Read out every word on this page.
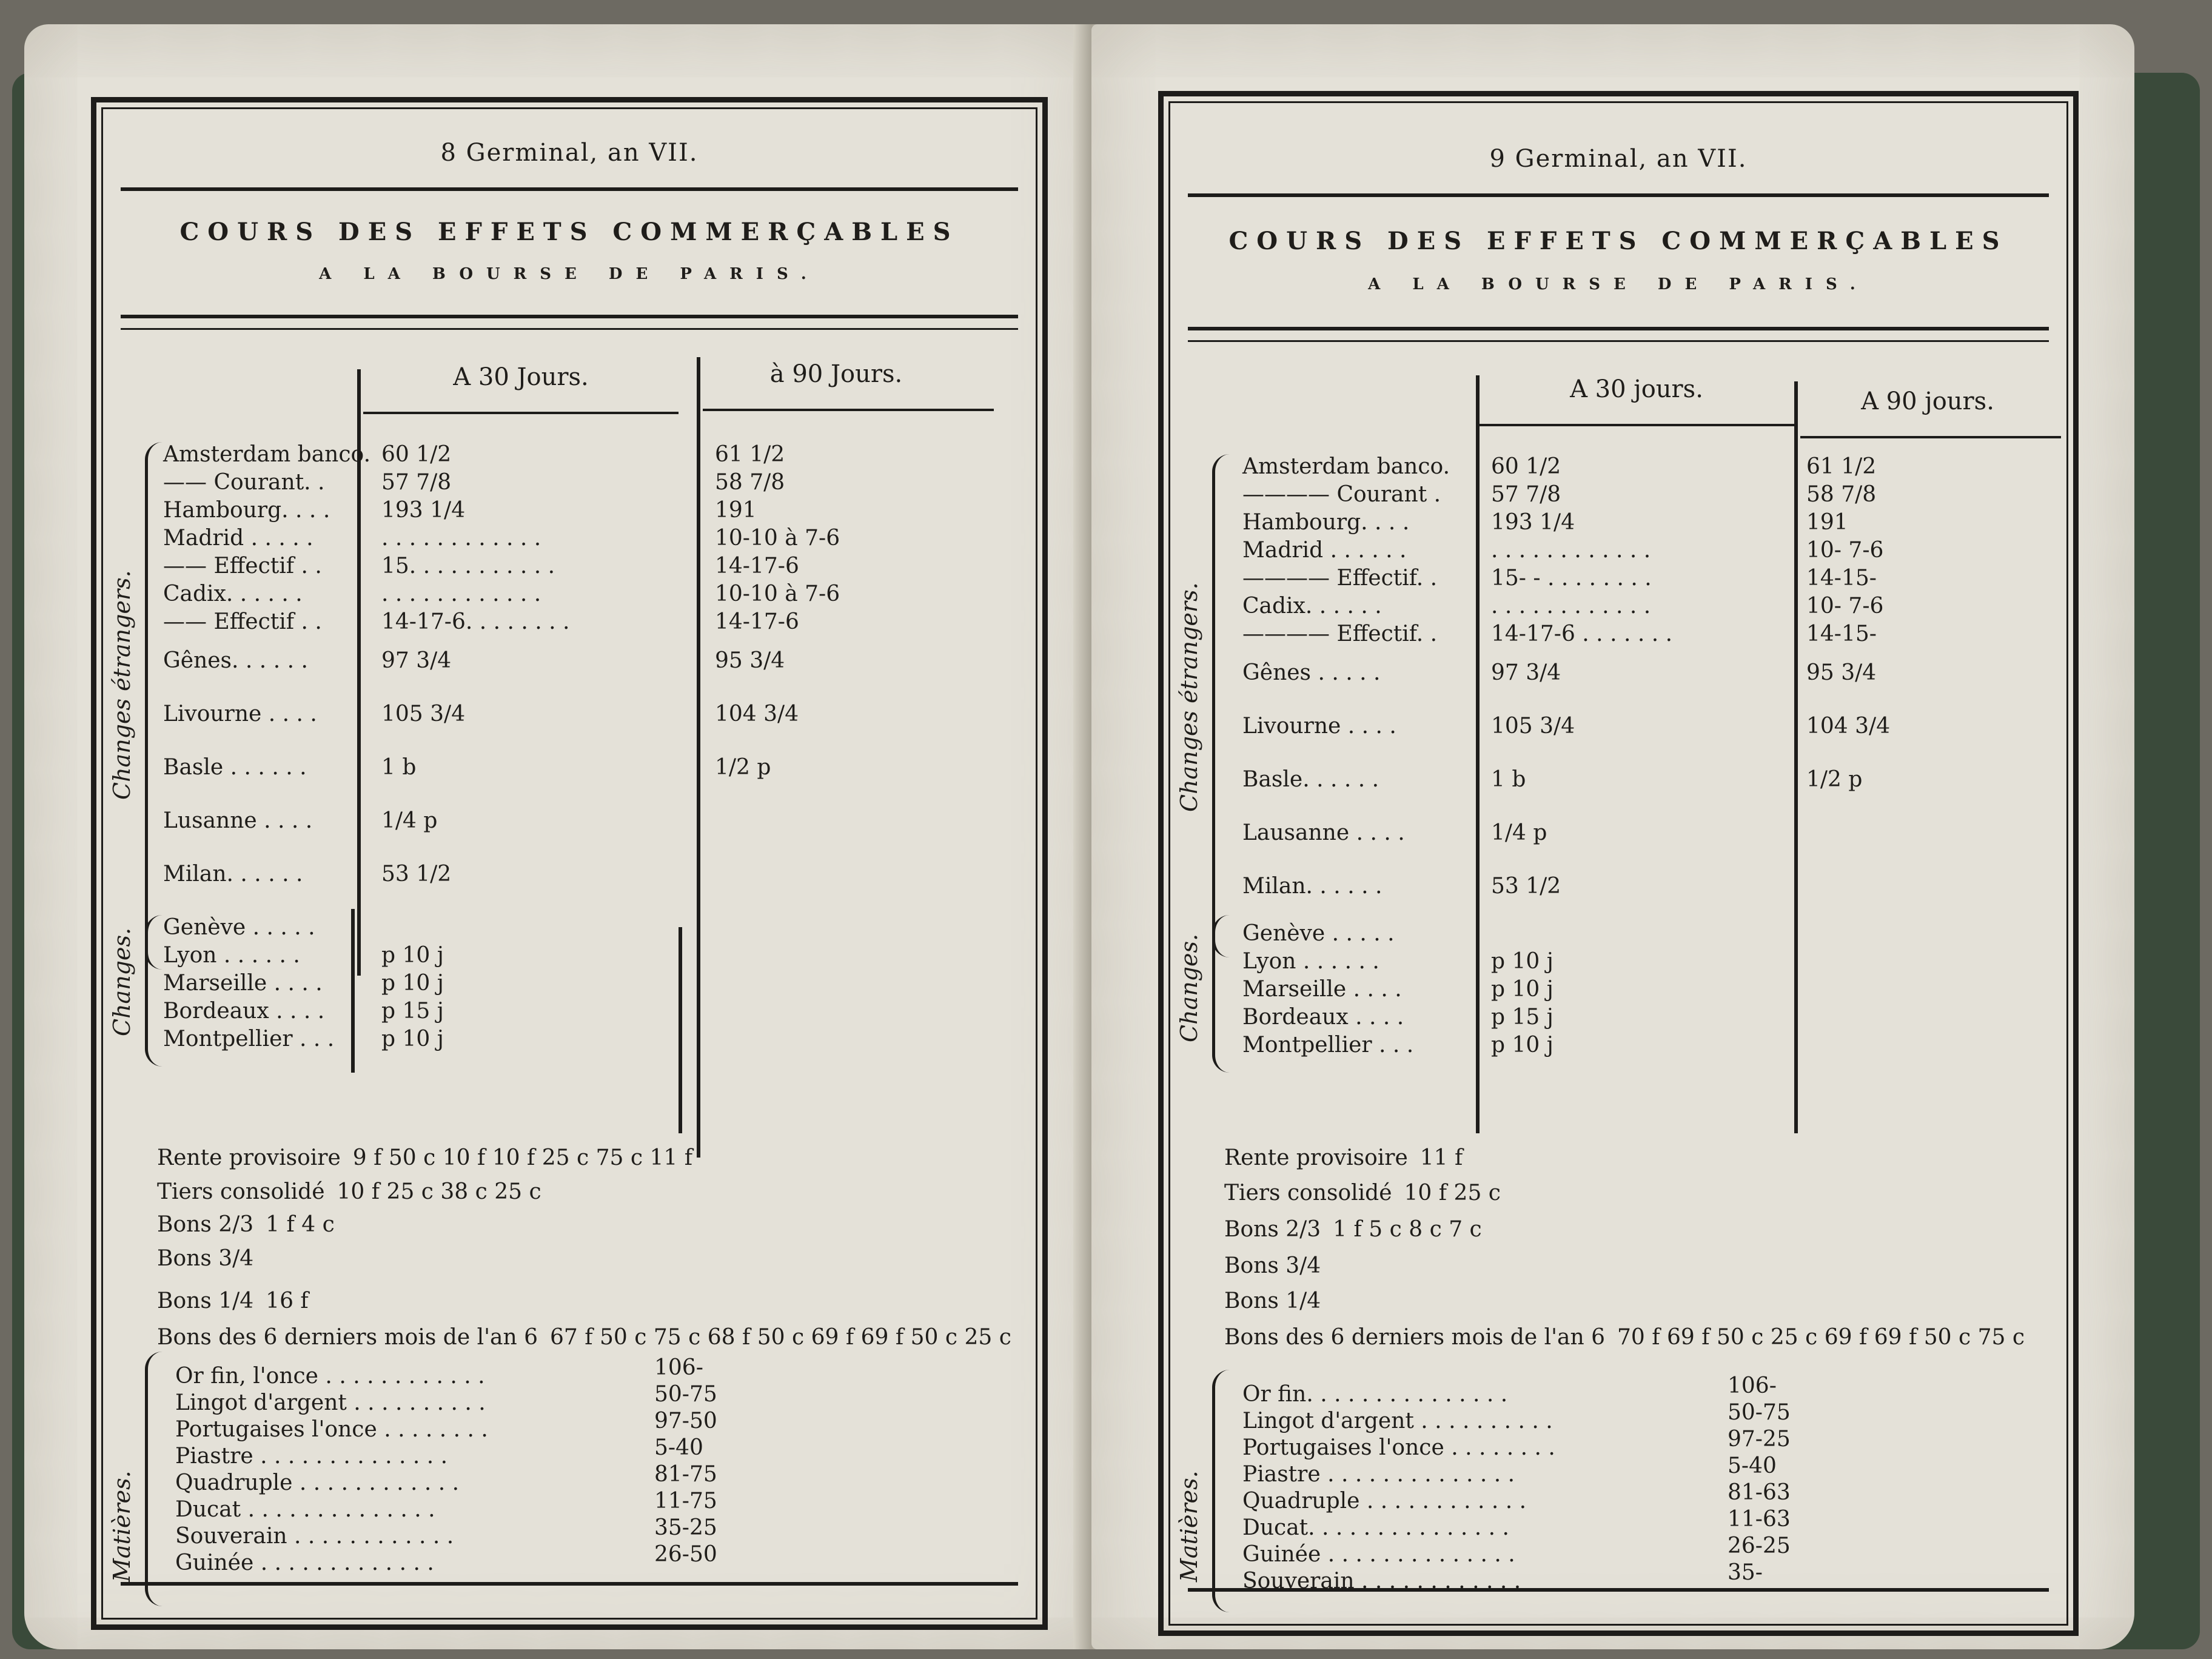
8 Germinal, an VII.
COURS DES EFFETS COMMERÇABLES
A LA BOURSE DE PARIS.
A 30 Jours.	à 90 Jours.
Changes étrangers.
Amsterdam banco. 60 1/2	61 1/2
—— Courant. .	57 7/8	58 7/8
Hambourg. . . . 193 1/4	191
Madrid . . . . .	. . . . . . . . . . . .	10-10 à 7-6
—— Effectif . .	15. . . . . . . . . . .	14-17-6
Cadix. . . . . .	. . . . . . . . . . . .	10-10 à 7-6
—— Effectif . .	14-17-6. . . . . . . .	14-17-6
Gênes. . . . . .	97 3/4	95 3/4
Livourne . . . .	105 3/4	104 3/4
Basle . . . . . .	1 b	1/2 p
Lusanne . . . .	1/4 p
Milan. . . . . .	53 1/2
Changes.
Genève . . . . .
Lyon . . . . . .	p 10 j
Marseille . . . .	p 10 j
Bordeaux . . . .	p 15 j
Montpellier . . . p 10 j
Rente provisoire 9 f 50 c 10 f 10 f 25 c 75 c 11 f
Tiers consolidé 10 f 25 c 38 c 25 c
Bons 2/3 1 f 4 c
Bons 3/4
Bons 1/4 16 f
Bons des 6 derniers mois de l'an 6 67 f 50 c 75 c 68 f 50 c 69 f 69 f 50 c 25 c
Matières.
Or fin, l'once . . . . . . . . . . . .	106-
Lingot d'argent . . . . . . . . . .	50-75
Portugaises l'once . . . . . . . .	97-50
Piastre . . . . . . . . . . . . . .	5-40
Quadruple . . . . . . . . . . . .	81-75
Ducat . . . . . . . . . . . . . .	11-75
Souverain . . . . . . . . . . . .	35-25
Guinée . . . . . . . . . . . . .	26-50
9 Germinal, an VII.
COURS DES EFFETS COMMERÇABLES
A LA BOURSE DE PARIS.
A 30 jours.	A 90 jours.
Changes étrangers.
Amsterdam banco. 60 1/2	61 1/2
———— Courant . 57 7/8	58 7/8
Hambourg. . . .	193 1/4	191
Madrid . . . . . .	. . . . . . . . . . . .	10- 7-6
———— Effectif. . 15- - . . . . . . . .	14-15-
Cadix. . . . . .	. . . . . . . . . . . .	10- 7-6
———— Effectif. . 14-17-6 . . . . . . .	14-15-
Gênes . . . . .	97 3/4	95 3/4
Livourne . . . .	105 3/4	104 3/4
Basle. . . . . .	1 b	1/2 p
Lausanne . . . .	1/4 p
Milan. . . . . .	53 1/2
Changes.
Genève . . . . .
Lyon . . . . . .	p 10 j
Marseille . . . .	p 10 j
Bordeaux . . . .	p 15 j
Montpellier . . .	p 10 j
Rente provisoire 11 f
Tiers consolidé 10 f 25 c
Bons 2/3 1 f 5 c 8 c 7 c
Bons 3/4
Bons 1/4
Bons des 6 derniers mois de l'an 6 70 f 69 f 50 c 25 c 69 f 69 f 50 c 75 c
Matières.
Or fin. . . . . . . . . . . . . . .	106-
Lingot d'argent . . . . . . . . . .	50-75
Portugaises l'once . . . . . . . .	97-25
Piastre . . . . . . . . . . . . . .	5-40
Quadruple . . . . . . . . . . . .	81-63
Ducat. . . . . . . . . . . . . . .	11-63
Guinée . . . . . . . . . . . . . .	26-25
Souverain . . . . . . . . . . . .	35-
